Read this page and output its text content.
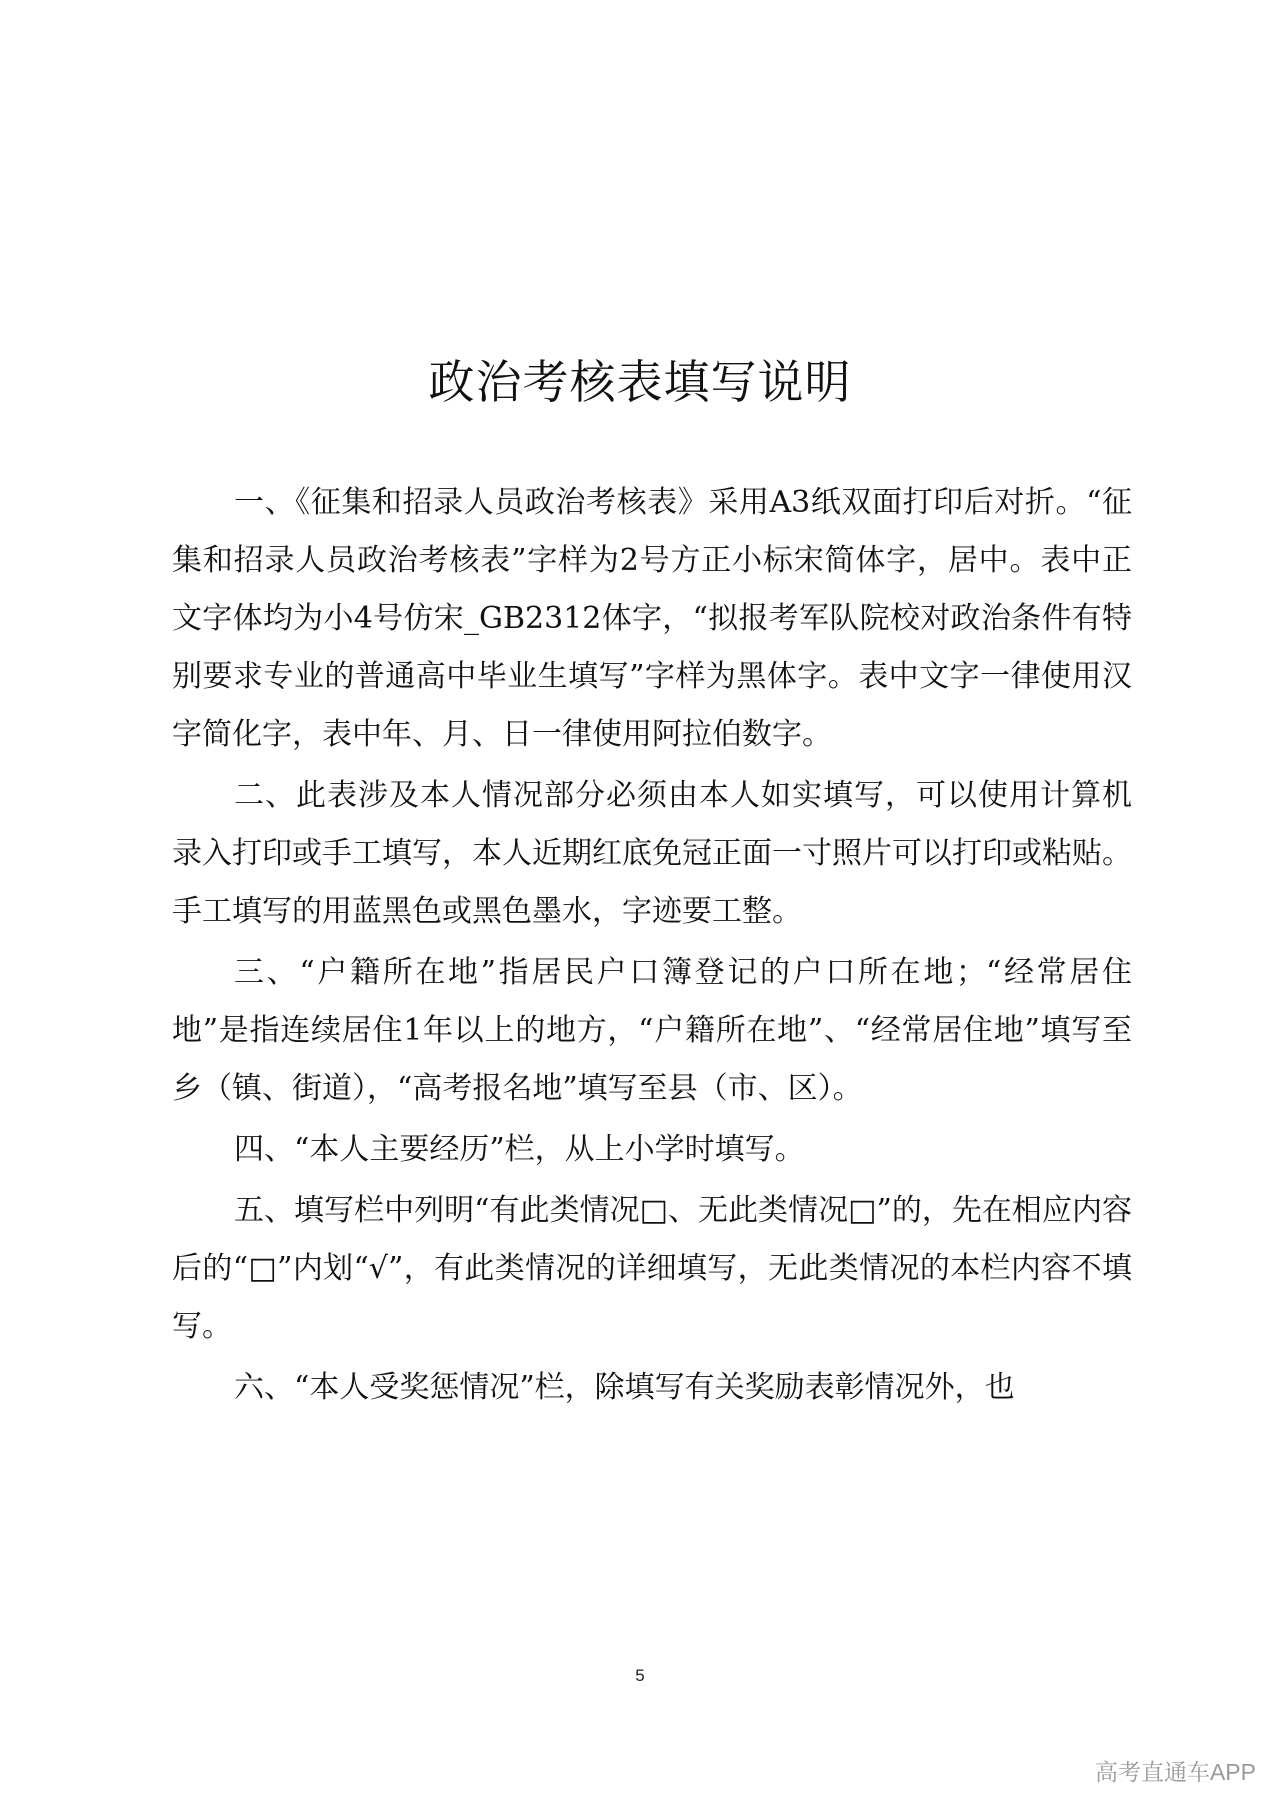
政治考核表填写说明

一、《征集和招录人员政治考核表》采用A3纸双面打印后对折。“征集和招录人员政治考核表”字样为2号方正小标宋简体字，居中。表中正文字体均为小4号仿宋_GB2312体字，“拟报考军队院校对政治条件有特别要求专业的普通高中毕业生填写”字样为黑体字。表中文字一律使用汉字简化字，表中年、月、日一律使用阿拉伯数字。

二、此表涉及本人情况部分必须由本人如实填写，可以使用计算机录入打印或手工填写，本人近期红底免冠正面一寸照片可以打印或粘贴。手工填写的用蓝黑色或黑色墨水，字迹要工整。

三、“户籍所在地”指居民户口簿登记的户口所在地；“经常居住地”是指连续居住1年以上的地方，“户籍所在地”、“经常居住地”填写至乡（镇、街道），“高考报名地”填写至县（市、区）。

四、“本人主要经历”栏，从上小学时填写。

五、填写栏中列明“有此类情况□、无此类情况□”的，先在相应内容后的“□”内划“√”，有此类情况的详细填写，无此类情况的本栏内容不填写。

六、“本人受奖惩情况”栏，除填写有关奖励表彰情况外，也

5
高考直通车APP
